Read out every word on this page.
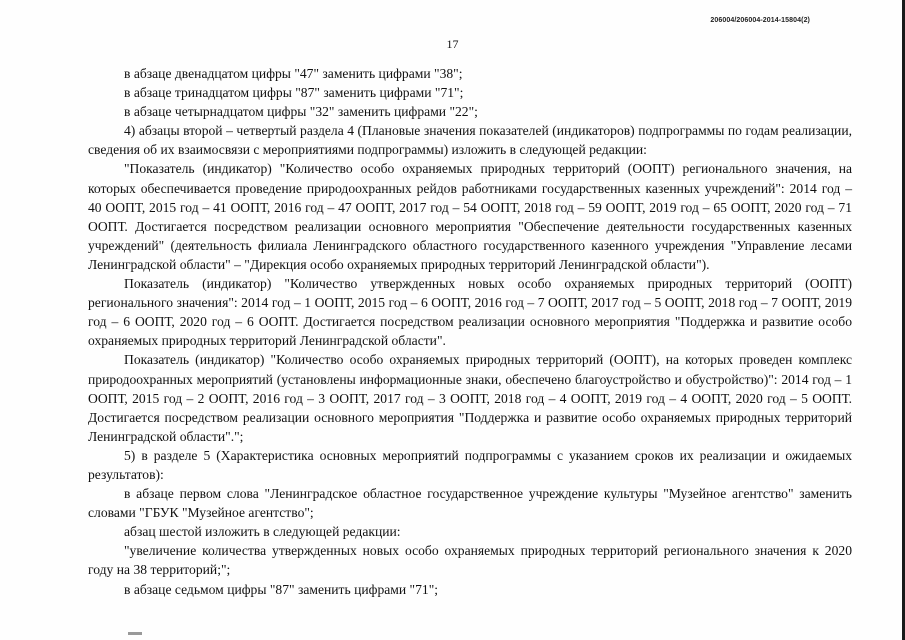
206004/206004-2014-15804(2)
17

в абзаце двенадцатом цифры "47" заменить цифрами "38";

в абзаце тринадцатом цифры "87" заменить цифрами "71";

в абзаце четырнадцатом цифры "32" заменить цифрами "22";

4) абзацы второй – четвертый раздела 4 (Плановые значения показателей (индикаторов) подпрограммы по годам реализации, сведения об их взаимосвязи с мероприятиями подпрограммы) изложить в следующей редакции:

"Показатель (индикатор) "Количество особо охраняемых природных территорий (ООПТ) регионального значения, на которых обеспечивается проведение природоохранных рейдов работниками государственных казенных учреждений": 2014 год – 40 ООПТ, 2015 год – 41 ООПТ, 2016 год – 47 ООПТ, 2017 год – 54 ООПТ, 2018 год – 59 ООПТ, 2019 год – 65 ООПТ, 2020 год – 71 ООПТ. Достигается посредством реализации основного мероприятия "Обеспечение деятельности государственных казенных учреждений" (деятельность филиала Ленинградского областного государственного казенного учреждения "Управление лесами Ленинградской области" – "Дирекция особо охраняемых природных территорий Ленинградской области").

Показатель (индикатор) "Количество утвержденных новых особо охраняемых природных территорий (ООПТ) регионального значения": 2014 год – 1 ООПТ, 2015 год – 6 ООПТ, 2016 год – 7 ООПТ, 2017 год – 5 ООПТ, 2018 год – 7 ООПТ, 2019 год – 6 ООПТ, 2020 год – 6 ООПТ. Достигается посредством реализации основного мероприятия "Поддержка и развитие особо охраняемых природных территорий Ленинградской области".

Показатель (индикатор) "Количество особо охраняемых природных территорий (ООПТ), на которых проведен комплекс природоохранных мероприятий (установлены информационные знаки, обеспечено благоустройство и обустройство)": 2014 год – 1 ООПТ, 2015 год – 2 ООПТ, 2016 год – 3 ООПТ, 2017 год – 3 ООПТ, 2018 год – 4 ООПТ, 2019 год – 4 ООПТ, 2020 год – 5 ООПТ. Достигается посредством реализации основного мероприятия "Поддержка и развитие особо охраняемых природных территорий Ленинградской области".";

5) в разделе 5 (Характеристика основных мероприятий подпрограммы с указанием сроков их реализации и ожидаемых результатов):

в абзаце первом слова "Ленинградское областное государственное учреждение культуры "Музейное агентство" заменить словами "ГБУК "Музейное агентство";

абзац шестой изложить в следующей редакции:

"увеличение количества утвержденных новых особо охраняемых природных территорий регионального значения к 2020 году на 38 территорий;";

в абзаце седьмом цифры "87" заменить цифрами "71";
